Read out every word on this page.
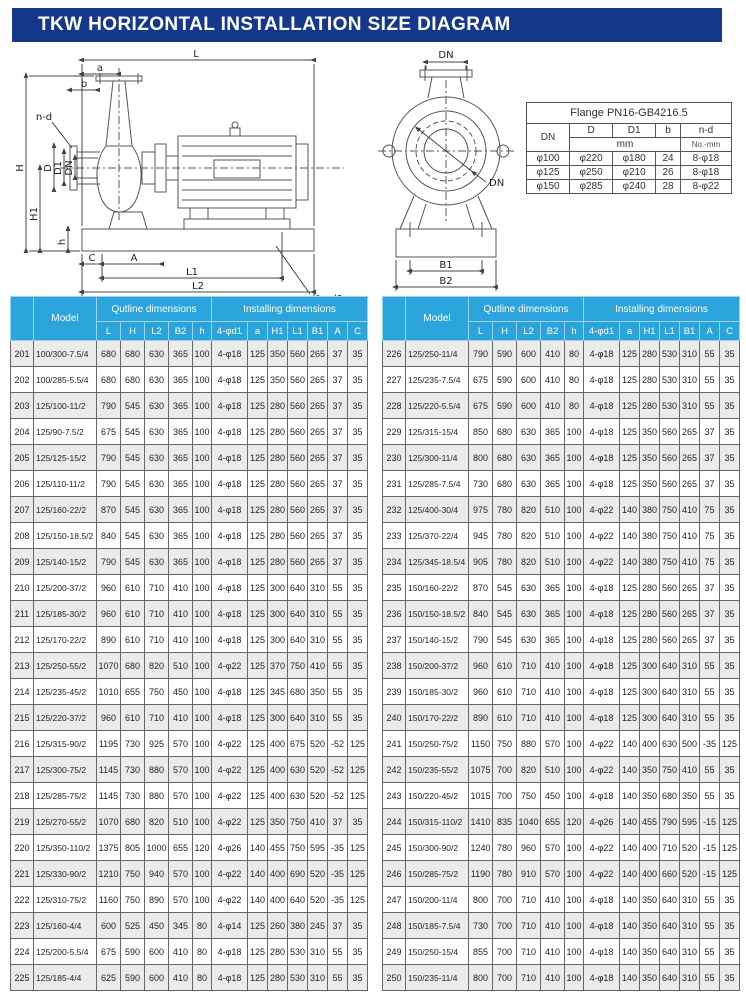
TKW HORIZONTAL INSTALLATION SIZE DIAGRAM
L
a
b
n-d
H D D1 DN
H1
h
C	A
L1
L2
DN
DN
B1
B2
Flange PN16-GB4216.5				
DN	D	D1	b	n-d
	mm			No.-mm
φ100	φ220	φ180	24	8-φ18
φ125	φ250	φ210	26	8-φ18
φ150	φ285	φ240	28	8-φ22
	Model	Qutline dimensions					Installing dimensions						
		L	H	L2	B2	h	4-φd1	a	H1	L1	B1	A	C
201	100/300-7.5/4	680	680	630	365	100	4-φ18	125	350	560	265	37	35
202	100/285-5.5/4	680	680	630	365	100	4-φ18	125	350	560	265	37	35
203	125/100-11/2	790	545	630	365	100	4-φ18	125	280	560	265	37	35
204	125/90-7.5/2	675	545	630	365	100	4-φ18	125	280	560	265	37	35
205	125/125-15/2	790	545	630	365	100	4-φ18	125	280	560	265	37	35
206	125/110-11/2	790	545	630	365	100	4-φ18	125	280	560	265	37	35
207	125/160-22/2	870	545	630	365	100	4-φ18	125	280	560	265	37	35
208	125/150-18.5/2	840	545	630	365	100	4-φ18	125	280	560	265	37	35
209	125/140-15/2	790	545	630	365	100	4-φ18	125	280	560	265	37	35
210	125/200-37/2	960	610	710	410	100	4-φ18	125	300	640	310	55	35
211	125/185-30/2	960	610	710	410	100	4-φ18	125	300	640	310	55	35
212	125/170-22/2	890	610	710	410	100	4-φ18	125	300	640	310	55	35
213	125/250-55/2	1070	680	820	510	100	4-φ22	125	370	750	410	55	35
214	125/235-45/2	1010	655	750	450	100	4-φ18	125	345	680	350	55	35
215	125/220-37/2	960	610	710	410	100	4-φ18	125	300	640	310	55	35
216	125/315-90/2	1195	730	925	570	100	4-φ22	125	400	675	520	-52	125
217	125/300-75/2	1145	730	880	570	100	4-φ22	125	400	630	520	-52	125
218	125/285-75/2	1145	730	880	570	100	4-φ22	125	400	630	520	-52	125
219	125/270-55/2	1070	680	820	510	100	4-φ22	125	350	750	410	37	35
220	125/350-110/2	1375	805	1000	655	120	4-φ26	140	455	750	595	-35	125
221	125/330-90/2	1210	750	940	570	100	4-φ22	140	400	690	520	-35	125
222	125/310-75/2	1160	750	890	570	100	4-φ22	140	400	640	520	-35	125
223	125/160-4/4	600	525	450	345	80	4-φ14	125	260	380	245	37	35
224	125/200-5.5/4	675	590	600	410	80	4-φ18	125	280	530	310	55	35
225	125/185-4/4	625	590	600	410	80	4-φ18	125	280	530	310	55	35
	Model	Qutline dimensions					Installing dimensions						
		L	H	L2	B2	h	4-φd1	a	H1	L1	B1	A	C
226	125/250-11/4	790	590	600	410	80	4-φ18	125	280	530	310	55	35
227	125/235-7.5/4	675	590	600	410	80	4-φ18	125	280	530	310	55	35
228	125/220-5.5/4	675	590	600	410	80	4-φ18	125	280	530	310	55	35
229	125/315-15/4	850	680	630	365	100	4-φ18	125	350	560	265	37	35
230	125/300-11/4	800	680	630	365	100	4-φ18	125	350	560	265	37	35
231	125/285-7.5/4	730	680	630	365	100	4-φ18	125	350	560	265	37	35
232	125/400-30/4	975	780	820	510	100	4-φ22	140	380	750	410	75	35
233	125/370-22/4	945	780	820	510	100	4-φ22	140	380	750	410	75	35
234	125/345-18.5/4	905	780	820	510	100	4-φ22	140	380	750	410	75	35
235	150/160-22/2	870	545	630	365	100	4-φ18	125	280	560	265	37	35
236	150/150-18.5/2	840	545	630	365	100	4-φ18	125	280	560	265	37	35
237	150/140-15/2	790	545	630	365	100	4-φ18	125	280	560	265	37	35
238	150/200-37/2	960	610	710	410	100	4-φ18	125	300	640	310	55	35
239	150/185-30/2	960	610	710	410	100	4-φ18	125	300	640	310	55	35
240	150/170-22/2	890	610	710	410	100	4-φ18	125	300	640	310	55	35
241	150/250-75/2	1150	750	880	570	100	4-φ22	140	400	630	500	-35	125
242	150/235-55/2	1075	700	820	510	100	4-φ22	140	350	750	410	55	35
243	150/220-45/2	1015	700	750	450	100	4-φ18	140	350	680	350	55	35
244	150/315-110/2	1410	835	1040	655	120	4-φ26	140	455	790	595	-15	125
245	150/300-90/2	1240	780	960	570	100	4-φ22	140	400	710	520	-15	125
246	150/285-75/2	1190	780	910	570	100	4-φ22	140	400	660	520	-15	125
247	150/200-11/4	800	700	710	410	100	4-φ18	140	350	640	310	55	35
248	150/185-7.5/4	730	700	710	410	100	4-φ18	140	350	640	310	55	35
249	150/250-15/4	855	700	710	410	100	4-φ18	140	350	640	310	55	35
250	150/235-11/4	800	700	710	410	100	4-φ18	140	350	640	310	55	35
